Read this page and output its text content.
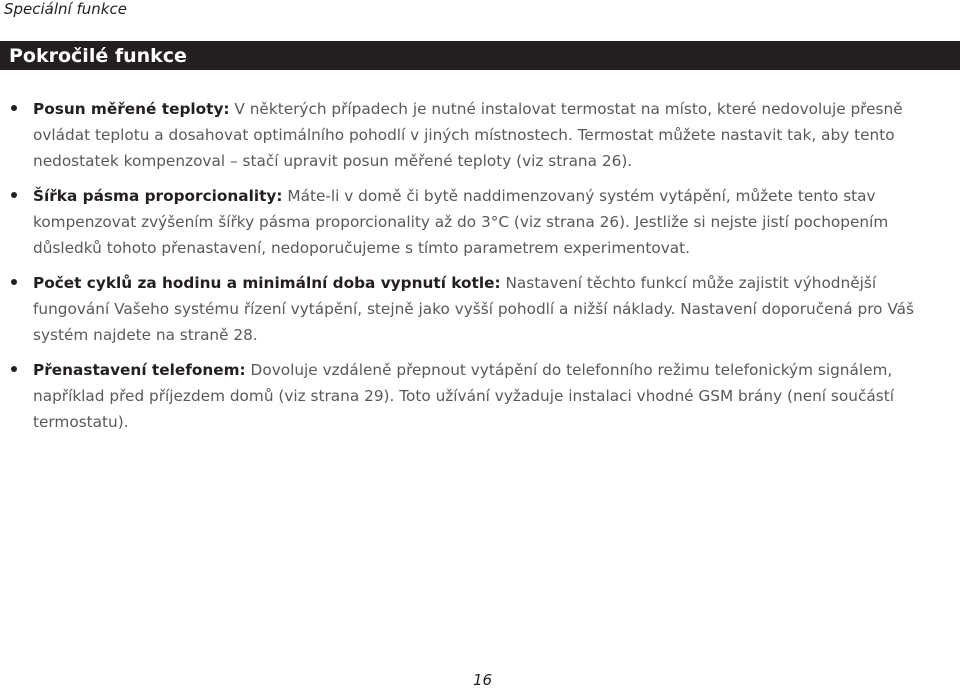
Speciální funkce
Pokročilé funkce
Posun měřené teploty: V některých případech je nutné instalovat termostat na místo, které nedovoluje přesně ovládat teplotu a dosahovat optimálního pohodlí v jiných místnostech. Termostat můžete nastavit tak, aby tento nedostatek kompenzoval – stačí upravit posun měřené teploty (viz strana 26).
Šířka pásma proporcionality: Máte-li v domě či bytě naddimenzovaný systém vytápění, můžete tento stav kompenzovat zvýšením šířky pásma proporcionality až do 3°C (viz strana 26). Jestliže si nejste jistí pochopením důsledků tohoto přenastavení, nedoporučujeme s tímto parametrem experimentovat.
Počet cyklů za hodinu a minimální doba vypnutí kotle: Nastavení těchto funkcí může zajistit výhodnější fungování Vašeho systému řízení vytápění, stejně jako vyšší pohodlí a nižší náklady. Nastavení doporučená pro Váš systém najdete na straně 28.
Přenastavení telefonem: Dovoluje vzdáleně přepnout vytápění do telefonního režimu telefonickým signálem, například před příjezdem domů (viz strana 29). Toto užívání vyžaduje instalaci vhodné GSM brány (není součástí termostatu).
16
